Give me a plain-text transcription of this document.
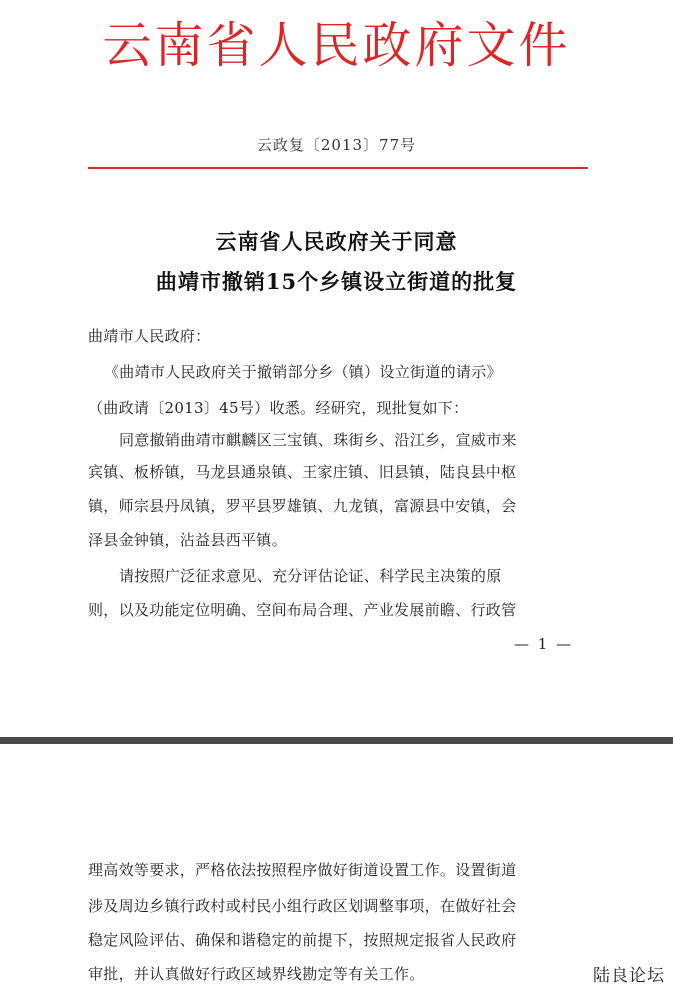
云南省人民政府文件
云政复〔2013〕77号
云南省人民政府关于同意
曲靖市撤销15个乡镇设立街道的批复
曲靖市人民政府：
《曲靖市人民政府关于撤销部分乡（镇）设立街道的请示》
（曲政请〔2013〕45号）收悉。经研究，现批复如下：
同意撤销曲靖市麒麟区三宝镇、珠街乡、沿江乡，宣威市来
宾镇、板桥镇，马龙县通泉镇、王家庄镇、旧县镇，陆良县中枢
镇，师宗县丹凤镇，罗平县罗雄镇、九龙镇，富源县中安镇，会
泽县金钟镇，沾益县西平镇。
请按照广泛征求意见、充分评估论证、科学民主决策的原
则，以及功能定位明确、空间布局合理、产业发展前瞻、行政管
— 1 —
理高效等要求，严格依法按照程序做好街道设置工作。设置街道
涉及周边乡镇行政村或村民小组行政区划调整事项，在做好社会
稳定风险评估、确保和谐稳定的前提下，按照规定报省人民政府
审批，并认真做好行政区域界线勘定等有关工作。	陆良论坛
